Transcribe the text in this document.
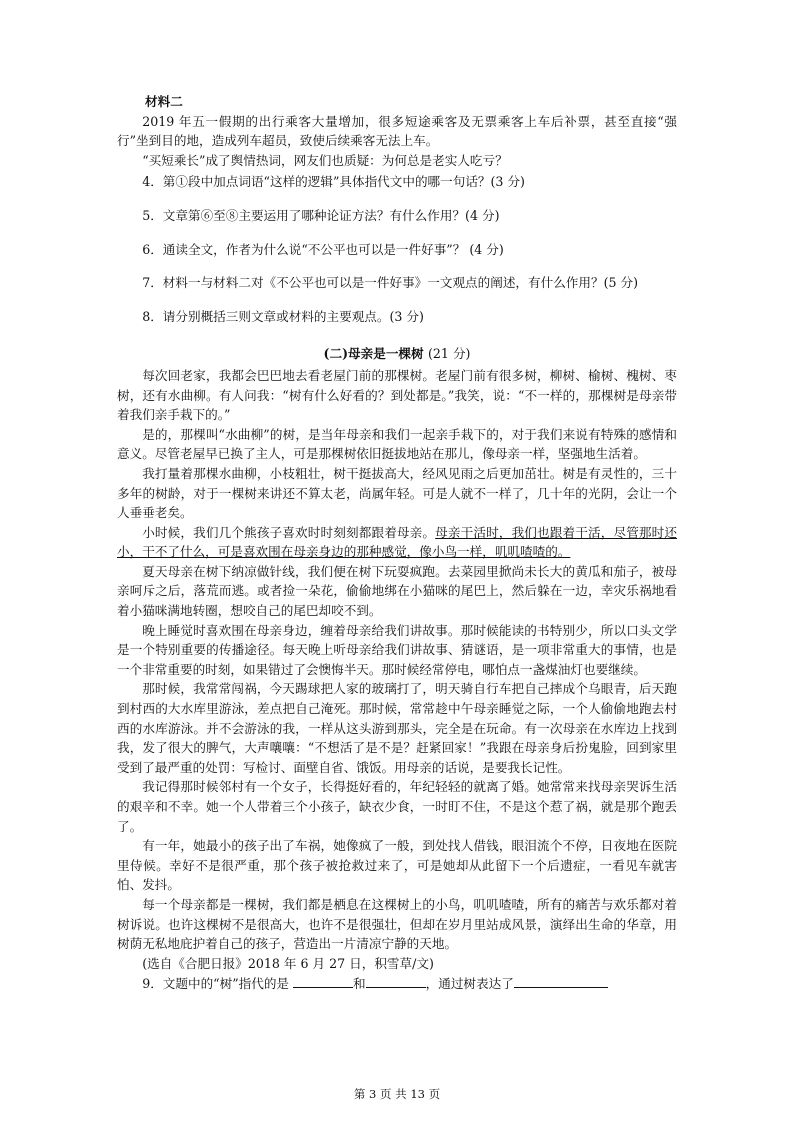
材料二

2019 年五一假期的出行乘客大量增加，很多短途乘客及无票乘客上车后补票，甚至直接“强行”坐到目的地，造成列车超员，致使后续乘客无法上车。

“买短乘长”成了舆情热词，网友们也质疑：为何总是老实人吃亏？

4．第①段中加点词语“这样的逻辑”具体指代文中的哪一句话？(3 分)

5．文章第⑥至⑧主要运用了哪种论证方法？有什么作用？(4 分)

6．通读全文，作者为什么说“不公平也可以是一件好事”？ (4 分)

7．材料一与材料二对《不公平也可以是一件好事》一文观点的阐述，有什么作用？(5 分)

8．请分别概括三则文章或材料的主要观点。(3 分)

(二)母亲是一棵树 (21 分)

每次回老家，我都会巴巴地去看老屋门前的那棵树。老屋门前有很多树，柳树、榆树、槐树、枣树，还有水曲柳。有人问我：“树有什么好看的？到处都是。”我笑，说：“不一样的，那棵树是母亲带着我们亲手栽下的。”

是的，那棵叫“水曲柳”的树，是当年母亲和我们一起亲手栽下的，对于我们来说有特殊的感情和意义。尽管老屋早已换了主人，可是那棵树依旧挺拔地站在那儿，像母亲一样，坚强地生活着。

我打量着那棵水曲柳，小枝粗壮，树干挺拔高大，经风见雨之后更加茁壮。树是有灵性的，三十多年的树龄，对于一棵树来讲还不算太老，尚属年轻。可是人就不一样了，几十年的光阴，会让一个人垂垂老矣。

小时候，我们几个熊孩子喜欢时时刻刻都跟着母亲。母亲干活时，我们也跟着干活，尽管那时还小，干不了什么，可是喜欢围在母亲身边的那种感觉，像小鸟一样，叽叽喳喳的。

夏天母亲在树下纳凉做针线，我们便在树下玩耍疯跑。去菜园里掀尚未长大的黄瓜和茄子，被母亲呵斥之后，落荒而逃。或者捡一朵花，偷偷地绑在小猫咪的尾巴上，然后躲在一边，幸灾乐祸地看着小猫咪满地转圈，想咬自己的尾巴却咬不到。

晚上睡觉时喜欢围在母亲身边，缠着母亲给我们讲故事。那时候能读的书特别少，所以口头文学是一个特别重要的传播途径。每天晚上听母亲给我们讲故事、猜谜语，是一项非常重大的事情，也是一个非常重要的时刻，如果错过了会懊悔半天。那时候经常停电，哪怕点一盏煤油灯也要继续。

那时候，我常常闯祸，今天踢球把人家的玻璃打了，明天骑自行车把自己摔成个乌眼青，后天跑到村西的大水库里游泳，差点把自己淹死。那时候，常常趁中午母亲睡觉之际，一个人偷偷地跑去村西的水库游泳。并不会游泳的我，一样从这头游到那头，完全是在玩命。有一次母亲在水库边上找到我，发了很大的脾气，大声嚷嚷：“不想活了是不是？赶紧回家！”我跟在母亲身后扮鬼脸，回到家里受到了最严重的处罚：写检讨、面壁自省、饿饭。用母亲的话说，是要我长记性。

我记得那时候邻村有一个女子，长得挺好看的，年纪轻轻的就离了婚。她常常来找母亲哭诉生活的艰辛和不幸。她一个人带着三个小孩子，缺衣少食，一时盯不住，不是这个惹了祸，就是那个跑丢了。

有一年，她最小的孩子出了车祸，她像疯了一般，到处找人借钱，眼泪流个不停，日夜地在医院里侍候。幸好不是很严重，那个孩子被抢救过来了，可是她却从此留下一个后遗症，一看见车就害怕、发抖。

每一个母亲都是一棵树，我们都是栖息在这棵树上的小鸟，叽叽喳喳，所有的痛苦与欢乐都对着树诉说。也许这棵树不是很高大，也许不是很强壮，但却在岁月里站成风景，演绎出生命的华章，用树荫无私地庇护着自己的孩子，营造出一片清凉宁静的天地。

(选自《合肥日报》2018 年 6 月 27 日，积雪草/文)

9．文题中的“树”指代的是	和	，通过树表达了

第 3 页 共 13 页
